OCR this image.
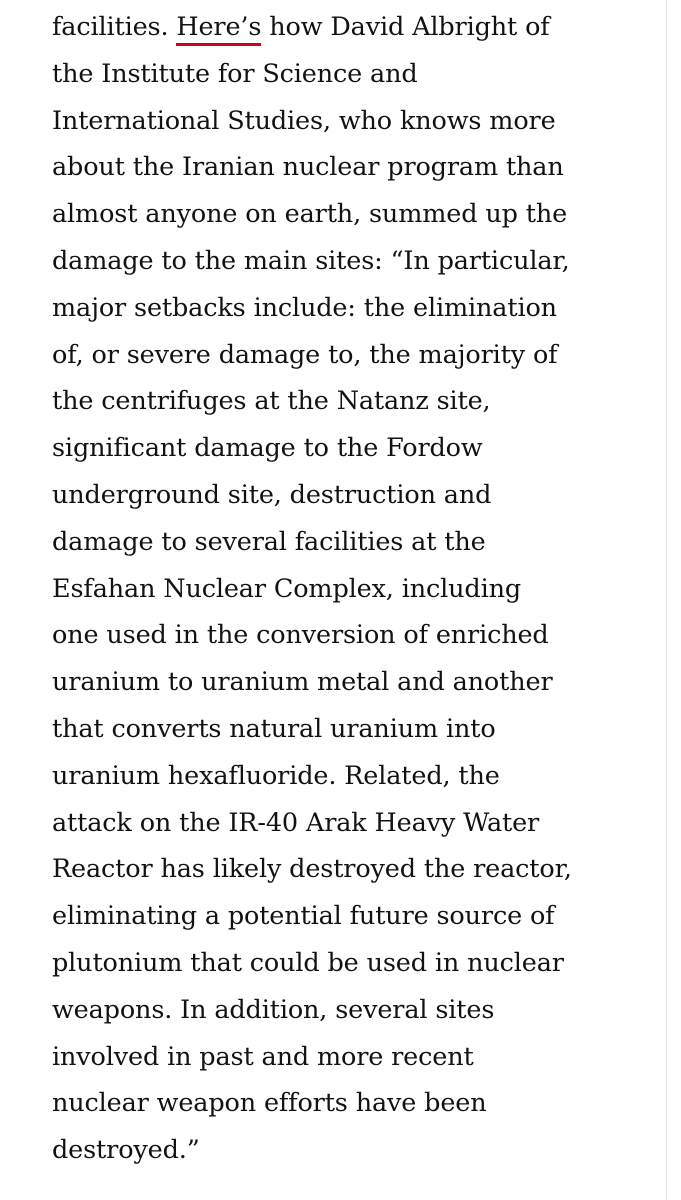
facilities. Here’s how David Albright of
the Institute for Science and
International Studies, who knows more
about the Iranian nuclear program than
almost anyone on earth, summed up the
damage to the main sites: “In particular,
major setbacks include: the elimination
of, or severe damage to, the majority of
the centrifuges at the Natanz site,
significant damage to the Fordow
underground site, destruction and
damage to several facilities at the
Esfahan Nuclear Complex, including
one used in the conversion of enriched
uranium to uranium metal and another
that converts natural uranium into
uranium hexafluoride. Related, the
attack on the IR-40 Arak Heavy Water
Reactor has likely destroyed the reactor,
eliminating a potential future source of
plutonium that could be used in nuclear
weapons. In addition, several sites
involved in past and more recent
nuclear weapon efforts have been
destroyed.”
